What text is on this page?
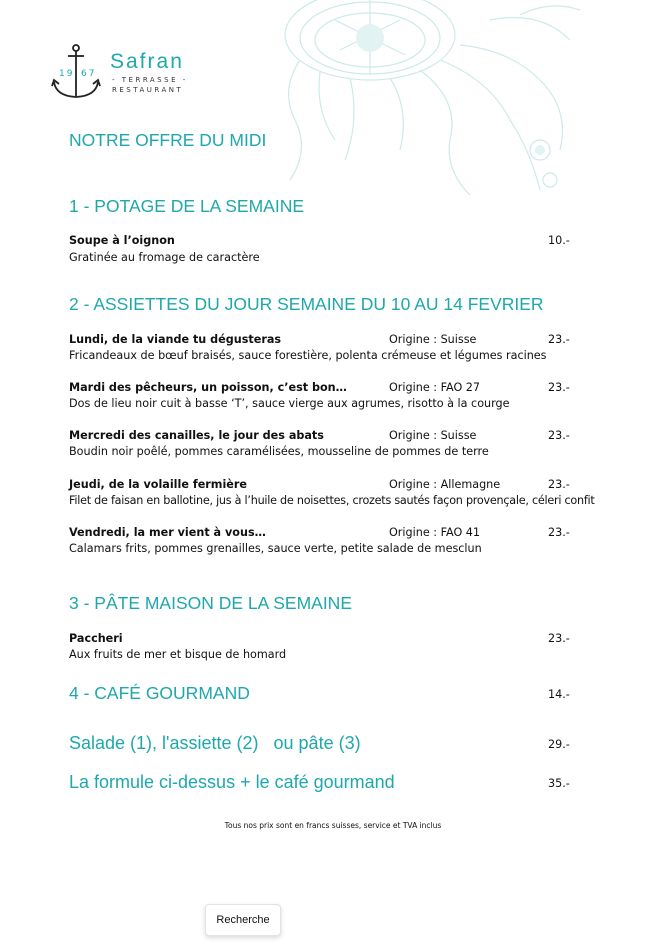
19 67
Safran
- TERRASSE -
RESTAURANT
NOTRE OFFRE DU MIDI
1 - POTAGE DE LA SEMAINE
Soupe à l’oignon	10.-
Gratinée au fromage de caractère
2 - ASSIETTES DU JOUR SEMAINE DU 10 AU 14 FEVRIER
Lundi, de la viande tu dégusteras	Origine : Suisse	23.-
Fricandeaux de bœuf braisés, sauce forestière, polenta crémeuse et légumes racines
Mardi des pêcheurs, un poisson, c’est bon…	Origine : FAO 27	23.-
Dos de lieu noir cuit à basse ‘T’, sauce vierge aux agrumes, risotto à la courge
Mercredi des canailles, le jour des abats	Origine : Suisse	23.-
Boudin noir poêlé, pommes caramélisées, mousseline de pommes de terre
Jeudi, de la volaille fermière	Origine : Allemagne	23.-
Filet de faisan en ballotine, jus à l’huile de noisettes, crozets sautés façon provençale, céleri confit
Vendredi, la mer vient à vous…	Origine : FAO 41	23.-
Calamars frits, pommes grenailles, sauce verte, petite salade de mesclun
3 - PÂTE MAISON DE LA SEMAINE
Paccheri	23.-
Aux fruits de mer et bisque de homard
4 - CAFÉ GOURMAND	14.-
Salade (1), l'assiette (2)   ou pâte (3)	29.-
La formule ci-dessus + le café gourmand	35.-
Tous nos prix sont en francs suisses, service et TVA inclus
Recherche
